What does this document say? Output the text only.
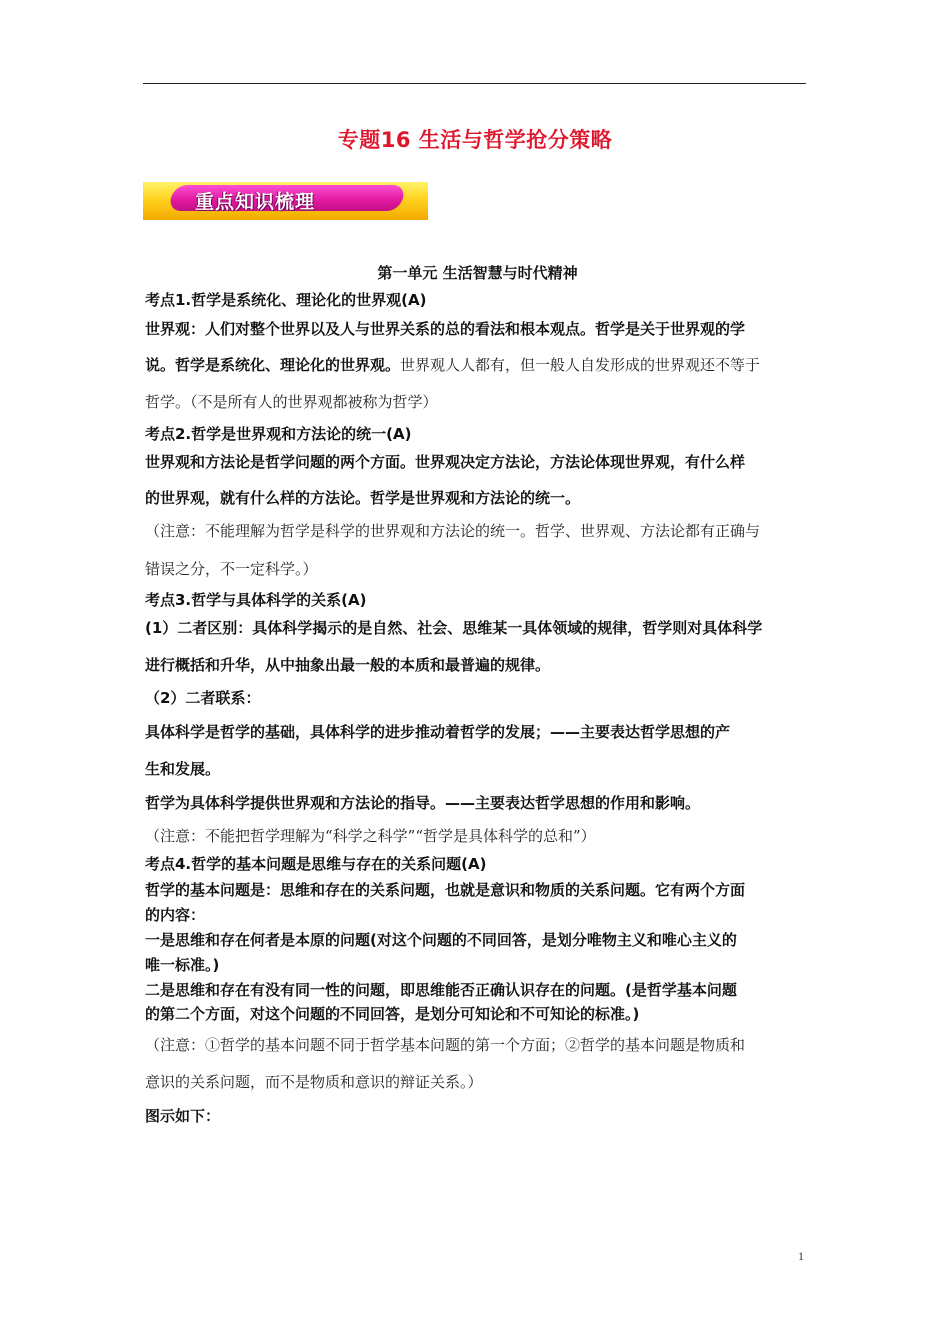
专题16 生活与哲学抢分策略
重点知识梳理
第一单元 生活智慧与时代精神
考点1.哲学是系统化、理论化的世界观(A)
世界观：人们对整个世界以及人与世界关系的总的看法和根本观点。哲学是关于世界观的学
说。哲学是系统化、理论化的世界观。世界观人人都有，但一般人自发形成的世界观还不等于
哲学。（不是所有人的世界观都被称为哲学）
考点2.哲学是世界观和方法论的统一(A)
世界观和方法论是哲学问题的两个方面。世界观决定方法论，方法论体现世界观，有什么样
的世界观，就有什么样的方法论。哲学是世界观和方法论的统一。
（注意：不能理解为哲学是科学的世界观和方法论的统一。哲学、世界观、方法论都有正确与
错误之分，不一定科学。）
考点3.哲学与具体科学的关系(A)
(1）二者区别：具体科学揭示的是自然、社会、思维某一具体领域的规律，哲学则对具体科学
进行概括和升华，从中抽象出最一般的本质和最普遍的规律。
（2）二者联系：
具体科学是哲学的基础，具体科学的进步推动着哲学的发展；——主要表达哲学思想的产
生和发展。
哲学为具体科学提供世界观和方法论的指导。——主要表达哲学思想的作用和影响。
（注意：不能把哲学理解为“科学之科学”“哲学是具体科学的总和”）
考点4.哲学的基本问题是思维与存在的关系问题(A)
哲学的基本问题是：思维和存在的关系问题，也就是意识和物质的关系问题。它有两个方面
的内容：
一是思维和存在何者是本原的问题(对这个问题的不同回答，是划分唯物主义和唯心主义的
唯一标准。)
二是思维和存在有没有同一性的问题，即思维能否正确认识存在的问题。(是哲学基本问题
的第二个方面，对这个问题的不同回答，是划分可知论和不可知论的标准。)
（注意：①哲学的基本问题不同于哲学基本问题的第一个方面；②哲学的基本问题是物质和
意识的关系问题，而不是物质和意识的辩证关系。）
图示如下：
1
